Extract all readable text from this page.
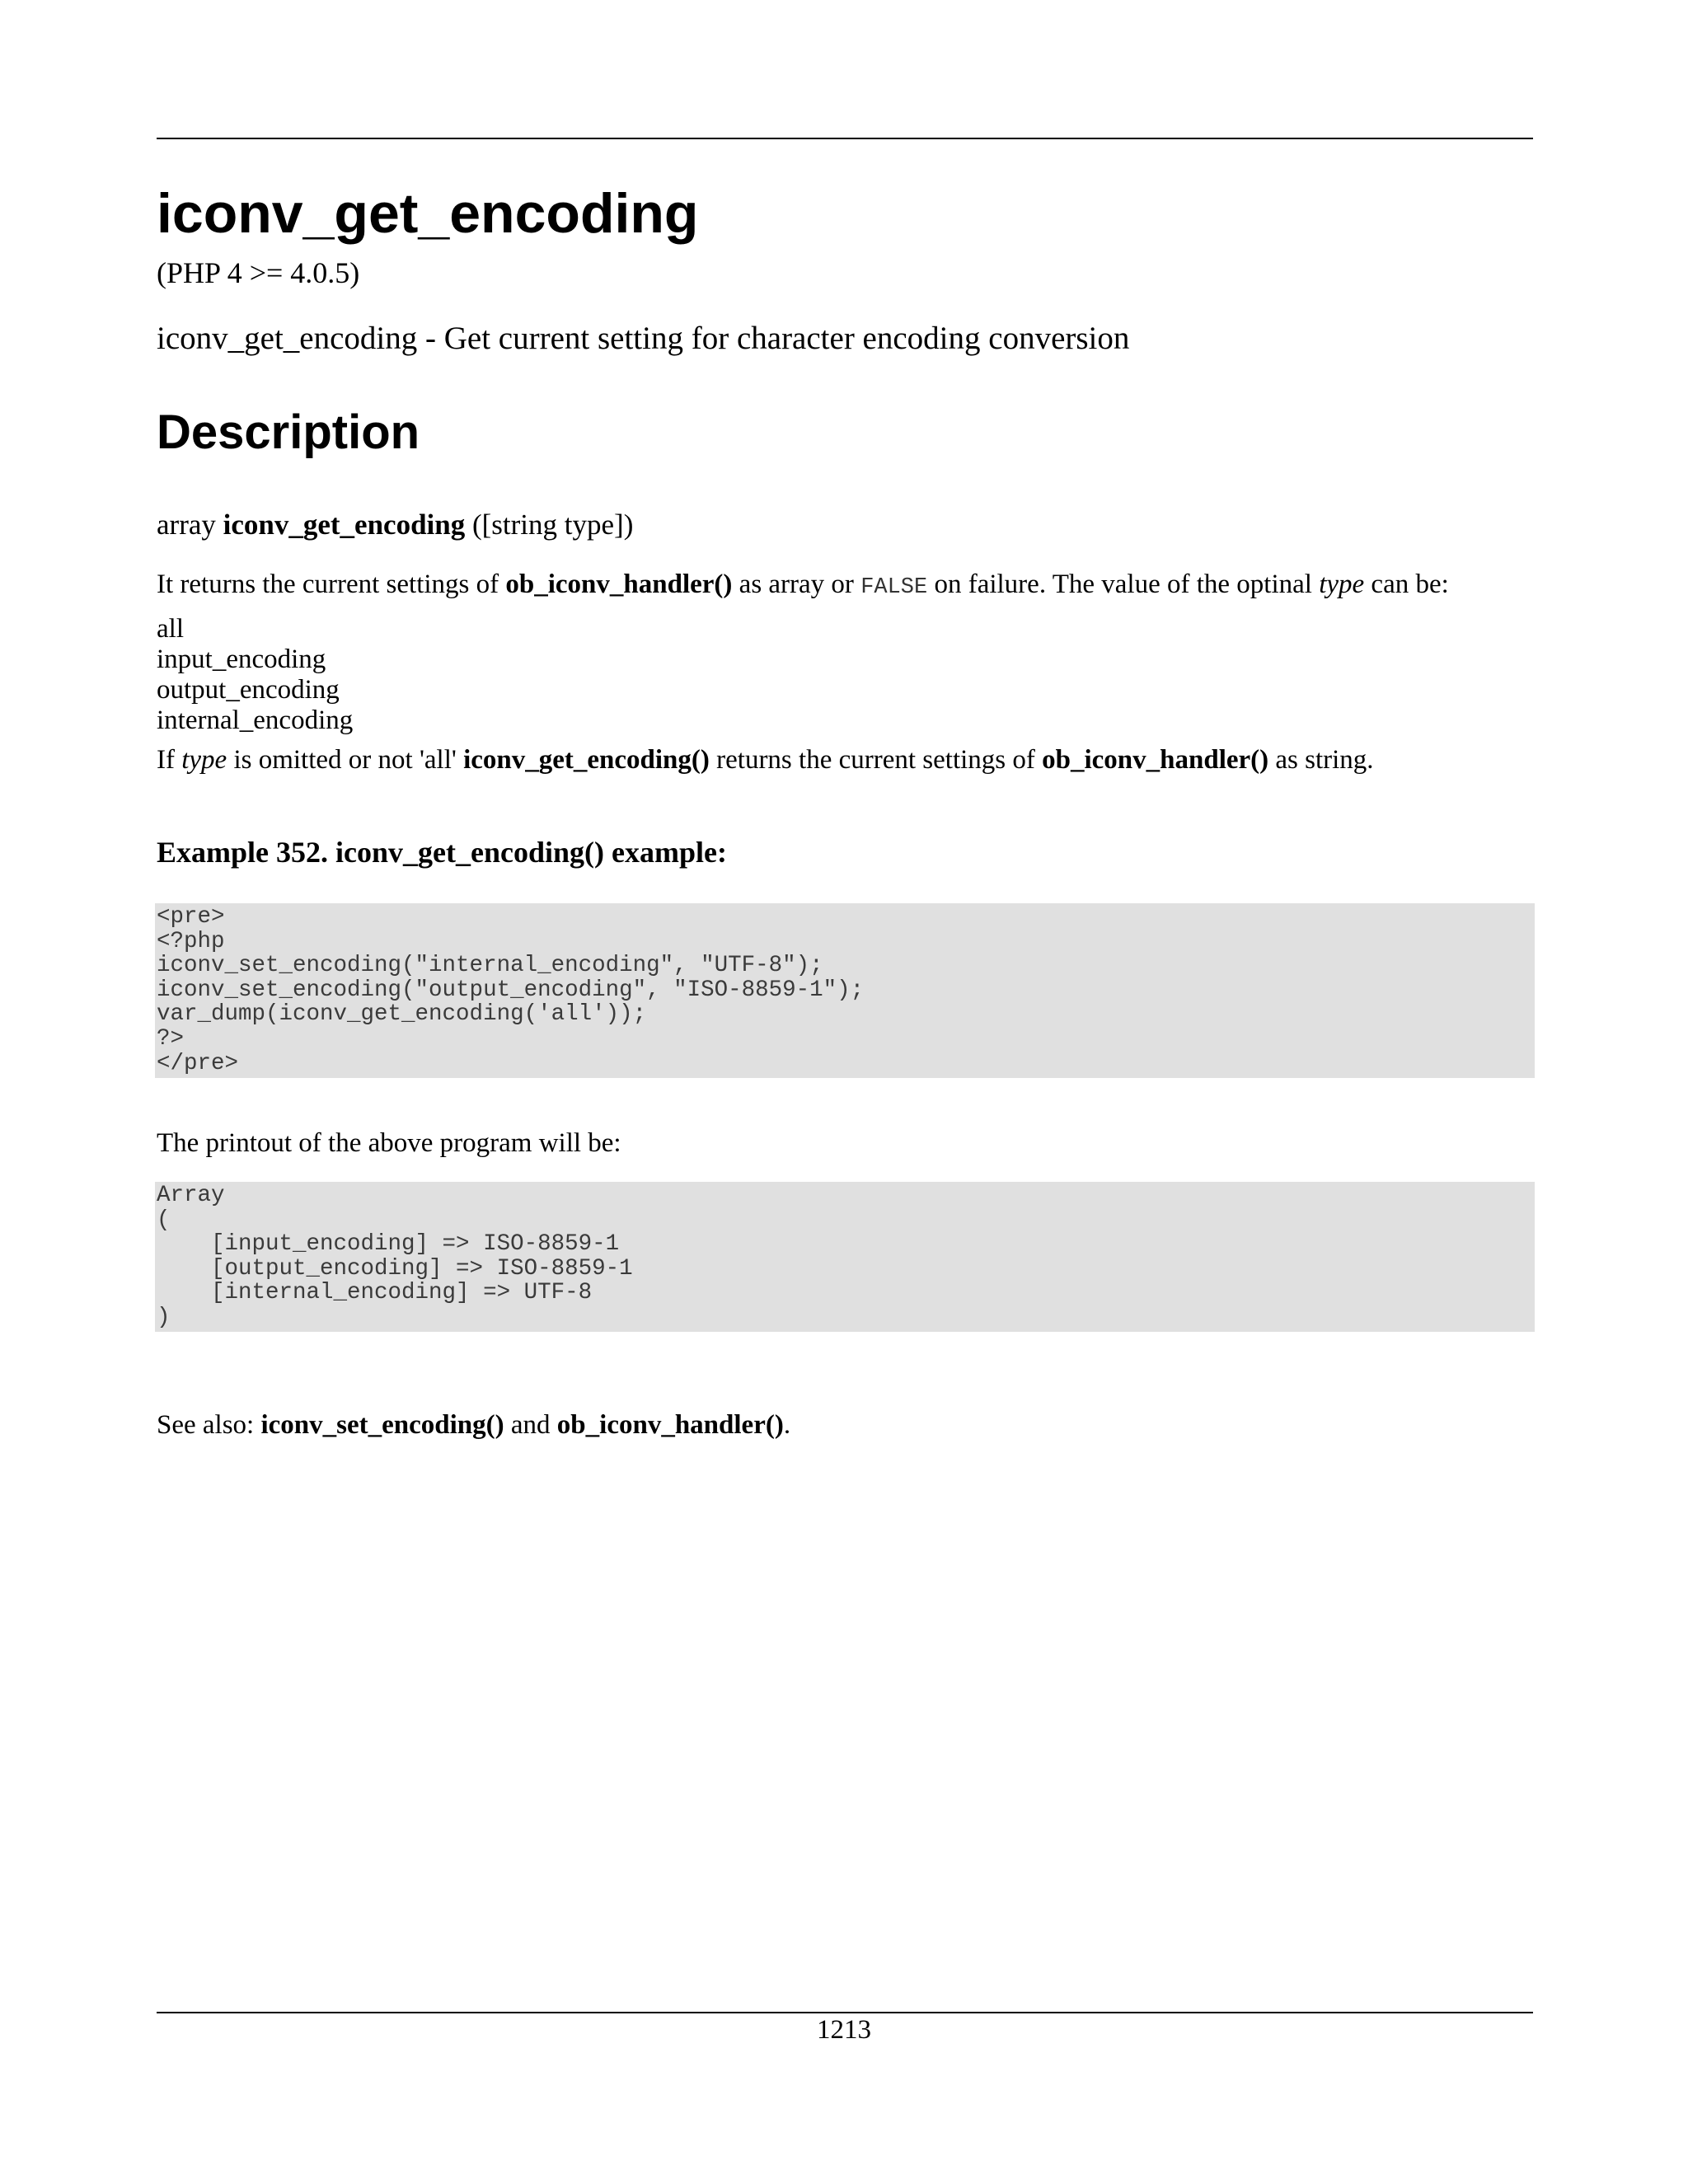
iconv_get_encoding
(PHP 4 >= 4.0.5)
iconv_get_encoding - Get current setting for character encoding conversion
Description
array iconv_get_encoding ([string type])

It returns the current settings of ob_iconv_handler() as array or FALSE on failure. The value of the optinal type can be:

all
input_encoding
output_encoding
internal_encoding

If type is omitted or not 'all' iconv_get_encoding() returns the current settings of ob_iconv_handler() as string.

Example 352. iconv_get_encoding() example:
<pre>
<?php
iconv_set_encoding("internal_encoding", "UTF-8");
iconv_set_encoding("output_encoding", "ISO-8859-1");
var_dump(iconv_get_encoding('all'));
?>
</pre>
The printout of the above program will be:
Array
(
[input_encoding] => ISO-8859-1
[output_encoding] => ISO-8859-1
[internal_encoding] => UTF-8
)

See also: iconv_set_encoding() and ob_iconv_handler().

1213
